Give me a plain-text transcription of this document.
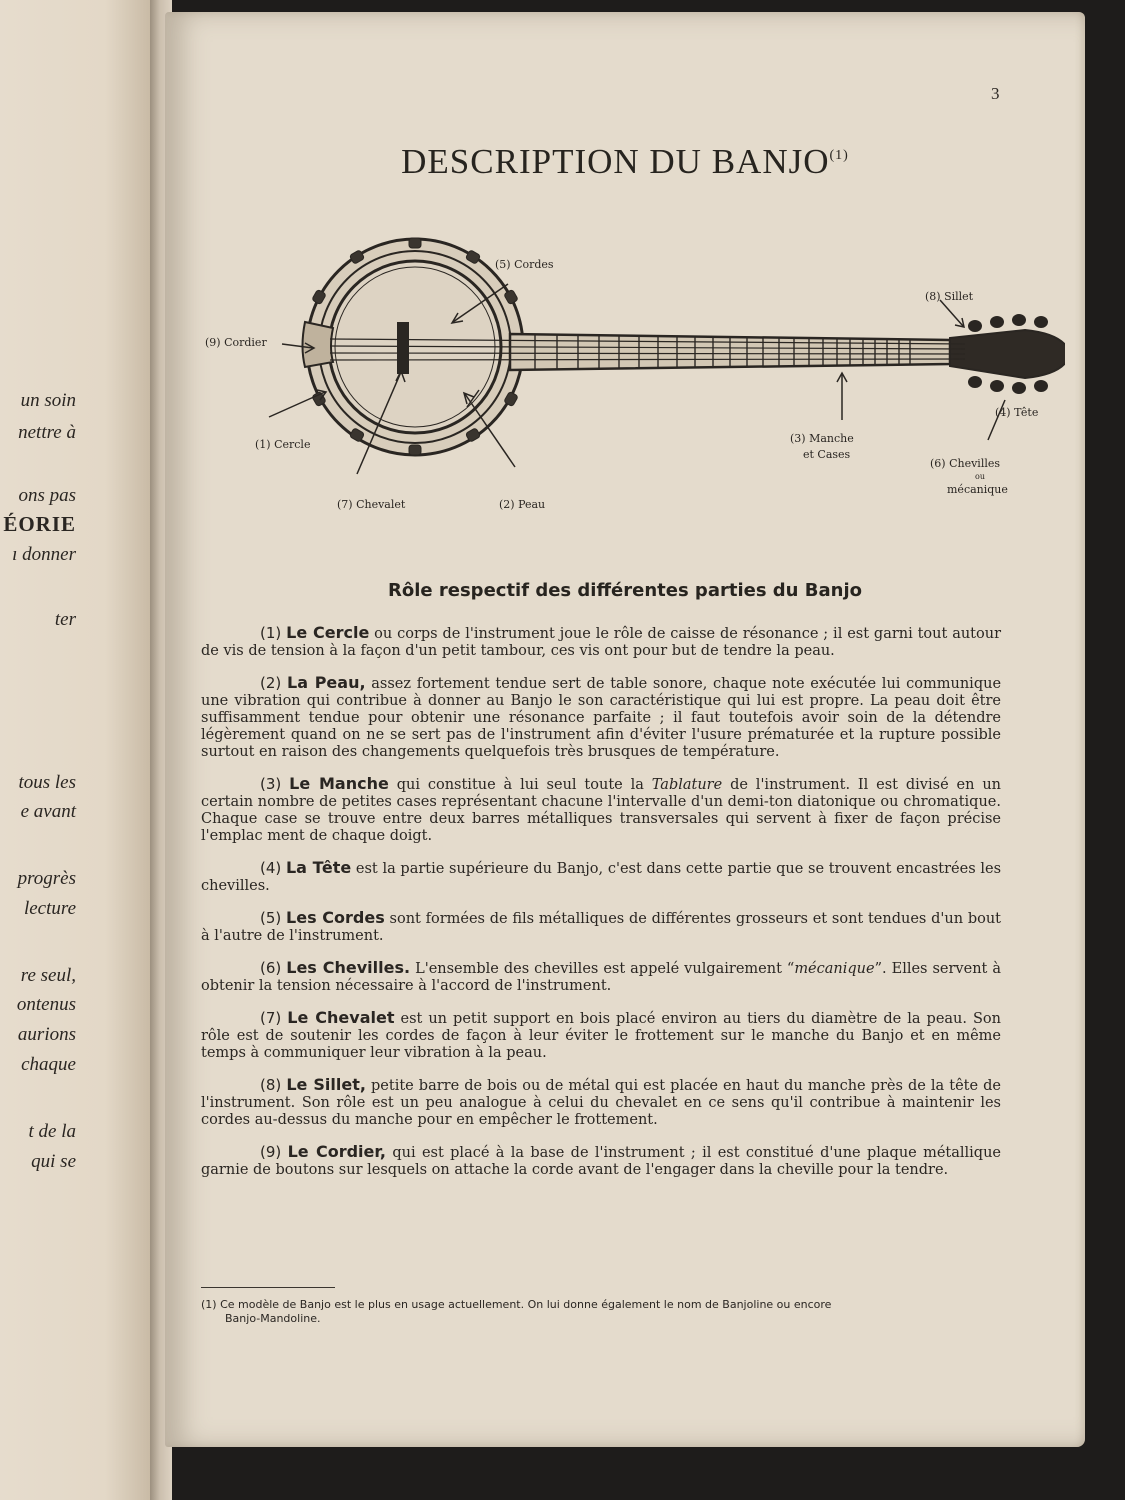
un soin
nettre à
ons pas
ÉORIE
ı donner
ter
tous les
e avant
progrès
lecture
re seul,
ontenus
aurions
chaque
t de la
qui se
3
DESCRIPTION DU BANJO$^{(1)}$
(5) Cordes
(8) Sillet
(9) Cordier
(4) Tête
(1) Cercle	(3) Manche
et Cases
(6) Chevilles
ou
mécanique
(7) Chevalet	(2) Peau
Rôle respectif des différentes parties du Banjo

(1) Le Cercle ou corps de l'instrument joue le rôle de caisse de résonance ; il est garni tout autour de vis de tension à la façon d'un petit tambour, ces vis ont pour but de tendre la peau.

(2) La Peau, assez fortement tendue sert de table sonore, chaque note exécutée lui communique une vibration qui contribue à donner au Banjo le son caractéristique qui lui est propre. La peau doit être suffisamment tendue pour obtenir une résonance parfaite ; il faut toutefois avoir soin de la détendre légèrement quand on ne se sert pas de l'instrument afin d'éviter l'usure prématurée et la rupture possible surtout en raison des changements quelquefois très brusques de température.

(3) Le Manche qui constitue à lui seul toute la Tablature de l'instrument. Il est divisé en un certain nombre de petites cases représentant chacune l'intervalle d'un demi-ton diatonique ou chromatique. Chaque case se trouve entre deux barres métalliques transversales qui servent à fixer de façon précise l'emplac ment de chaque doigt.

(4) La Tête est la partie supérieure du Banjo, c'est dans cette partie que se trouvent encastrées les chevilles.

(5) Les Cordes sont formées de fils métalliques de différentes grosseurs et sont tendues d'un bout à l'autre de l'instrument.

(6) Les Chevilles. L'ensemble des chevilles est appelé vulgairement “mécanique”. Elles servent à obtenir la tension nécessaire à l'accord de l'instrument.

(7) Le Chevalet est un petit support en bois placé environ au tiers du diamètre de la peau. Son rôle est de soutenir les cordes de façon à leur éviter le frottement sur le manche du Banjo et en même temps à communiquer leur vibration à la peau.

(8) Le Sillet, petite barre de bois ou de métal qui est placée en haut du manche près de la tête de l'instrument. Son rôle est un peu analogue à celui du chevalet en ce sens qu'il contribue à maintenir les cordes au-dessus du manche pour en empêcher le frottement.

(9) Le Cordier, qui est placé à la base de l'instrument ; il est constitué d'une plaque métallique garnie de boutons sur lesquels on attache la corde avant de l'engager dans la cheville pour la tendre.

(1) Ce modèle de Banjo est le plus en usage actuellement. On lui donne également le nom de Banjoline ou encore
Banjo-Mandoline.
